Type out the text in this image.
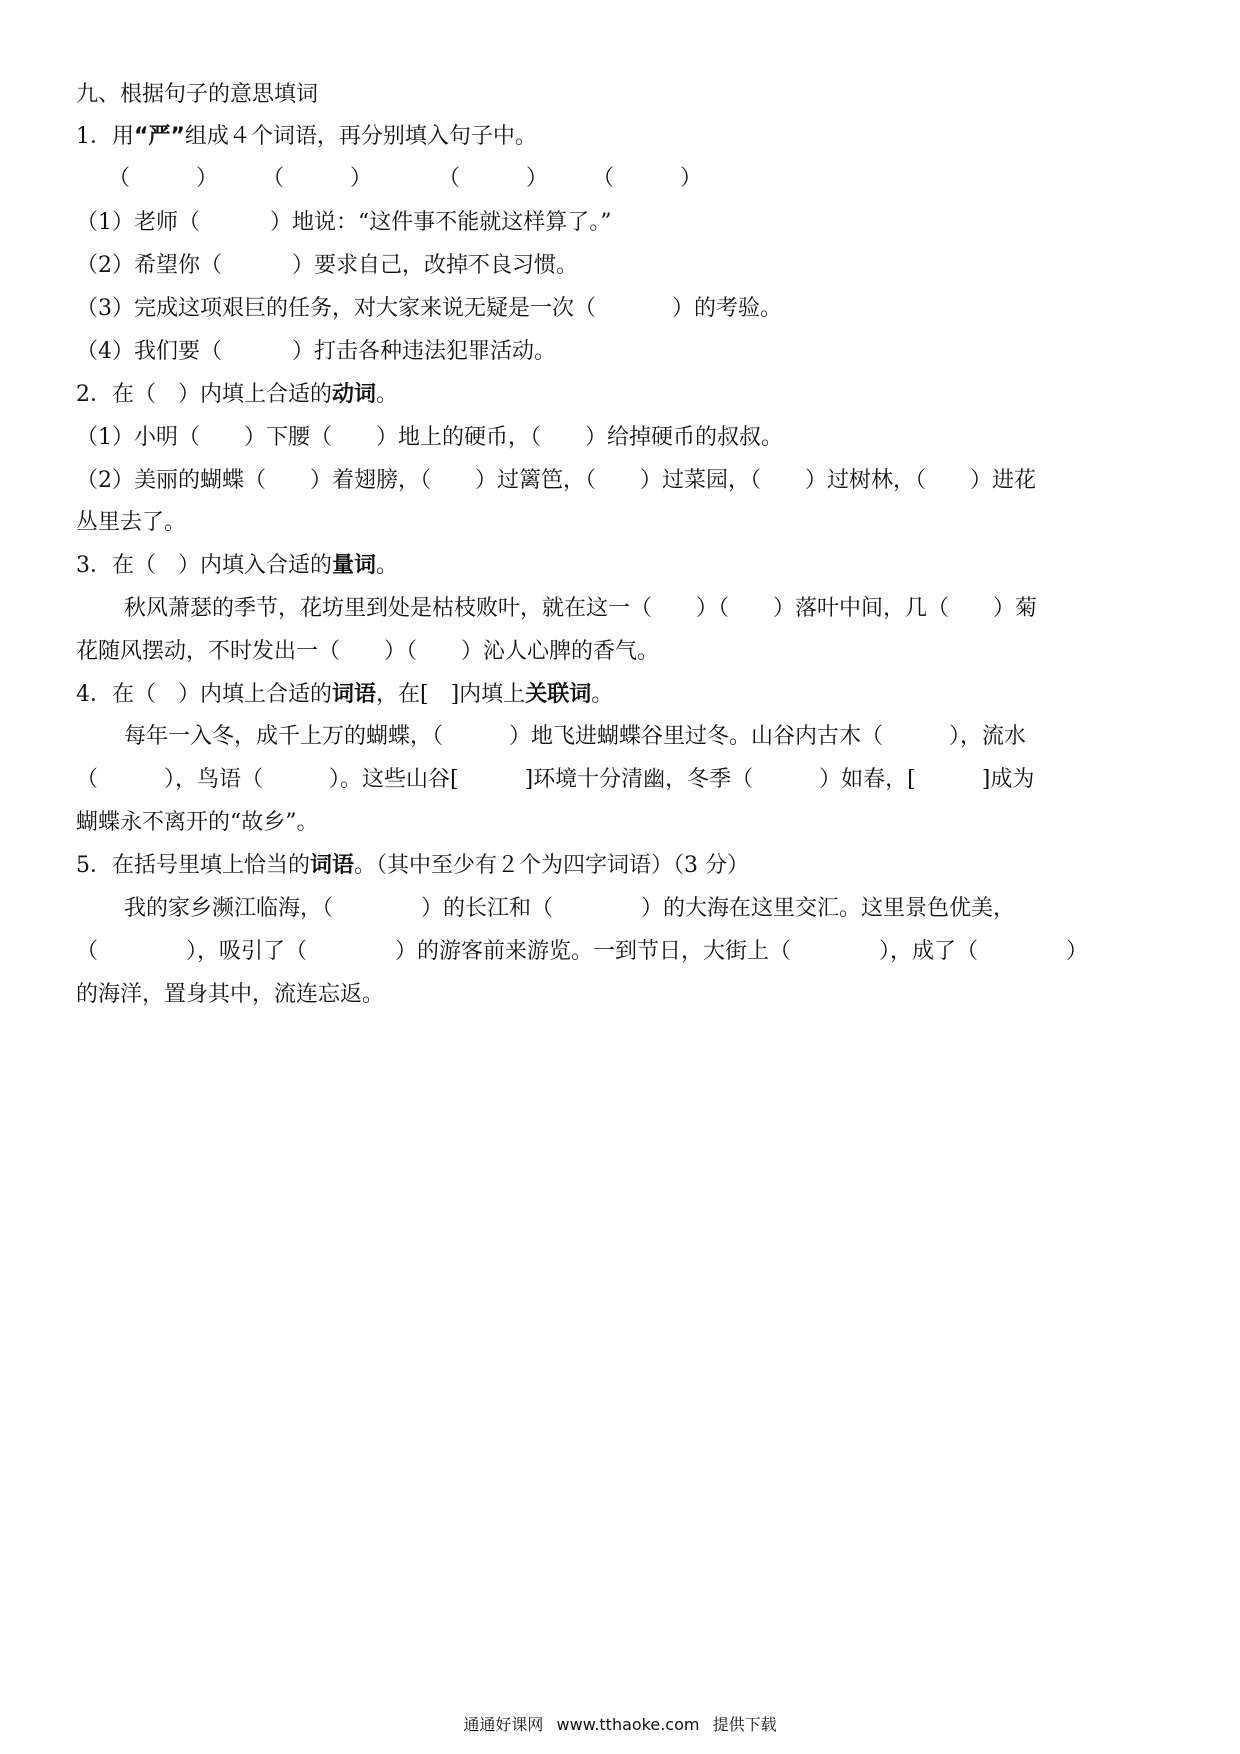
九、根据句子的意思填词
1．用“严”组成４个词语，再分别填入句子中。
（　　　）　　　（　　　）　　　　（　　　）　　　（　　　）
（1）老师（	）地说：“这件事不能就这样算了。”
（2）希望你（	）要求自己，改掉不良习惯。
（3）完成这项艰巨的任务，对大家来说无疑是一次（	）的考验。
（4）我们要（	）打击各种违法犯罪活动。
2．在（　）内填上合适的动词。
（1）小明（　　）下腰（　　）地上的硬币，（　　）给掉硬币的叔叔。
（2）美丽的蝴蝶（　　）着翅膀，（　　）过篱笆，（　　）过菜园，（　　）过树林，（　　）进花
丛里去了。
3．在（　）内填入合适的量词。
秋风萧瑟的季节，花坊里到处是枯枝败叶，就在这一（　　）（　　）落叶中间，几（　　）菊
花随风摆动，不时发出一（　　）（　　）沁人心脾的香气。
4．在（　）内填上合适的词语，在[　]内填上关联词。
每年一入冬，成千上万的蝴蝶，（　　　）地飞进蝴蝶谷里过冬。山谷内古木（　　　），流水
（　　　），鸟语（　　　）。这些山谷[　　　]环境十分清幽，冬季（　　　）如春，[　　　]成为
蝴蝶永不离开的“故乡”。
5．在括号里填上恰当的词语。（其中至少有２个为四字词语）（3 分）
我的家乡濒江临海，（　　　　）的长江和（　　　　）的大海在这里交汇。这里景色优美，
（　　　　），吸引了（　　　　）的游客前来游览。一到节日，大街上（　　　　），成了（　　　　）
的海洋，置身其中，流连忘返。
通通好课网 www.tthaoke.com 提供下载
